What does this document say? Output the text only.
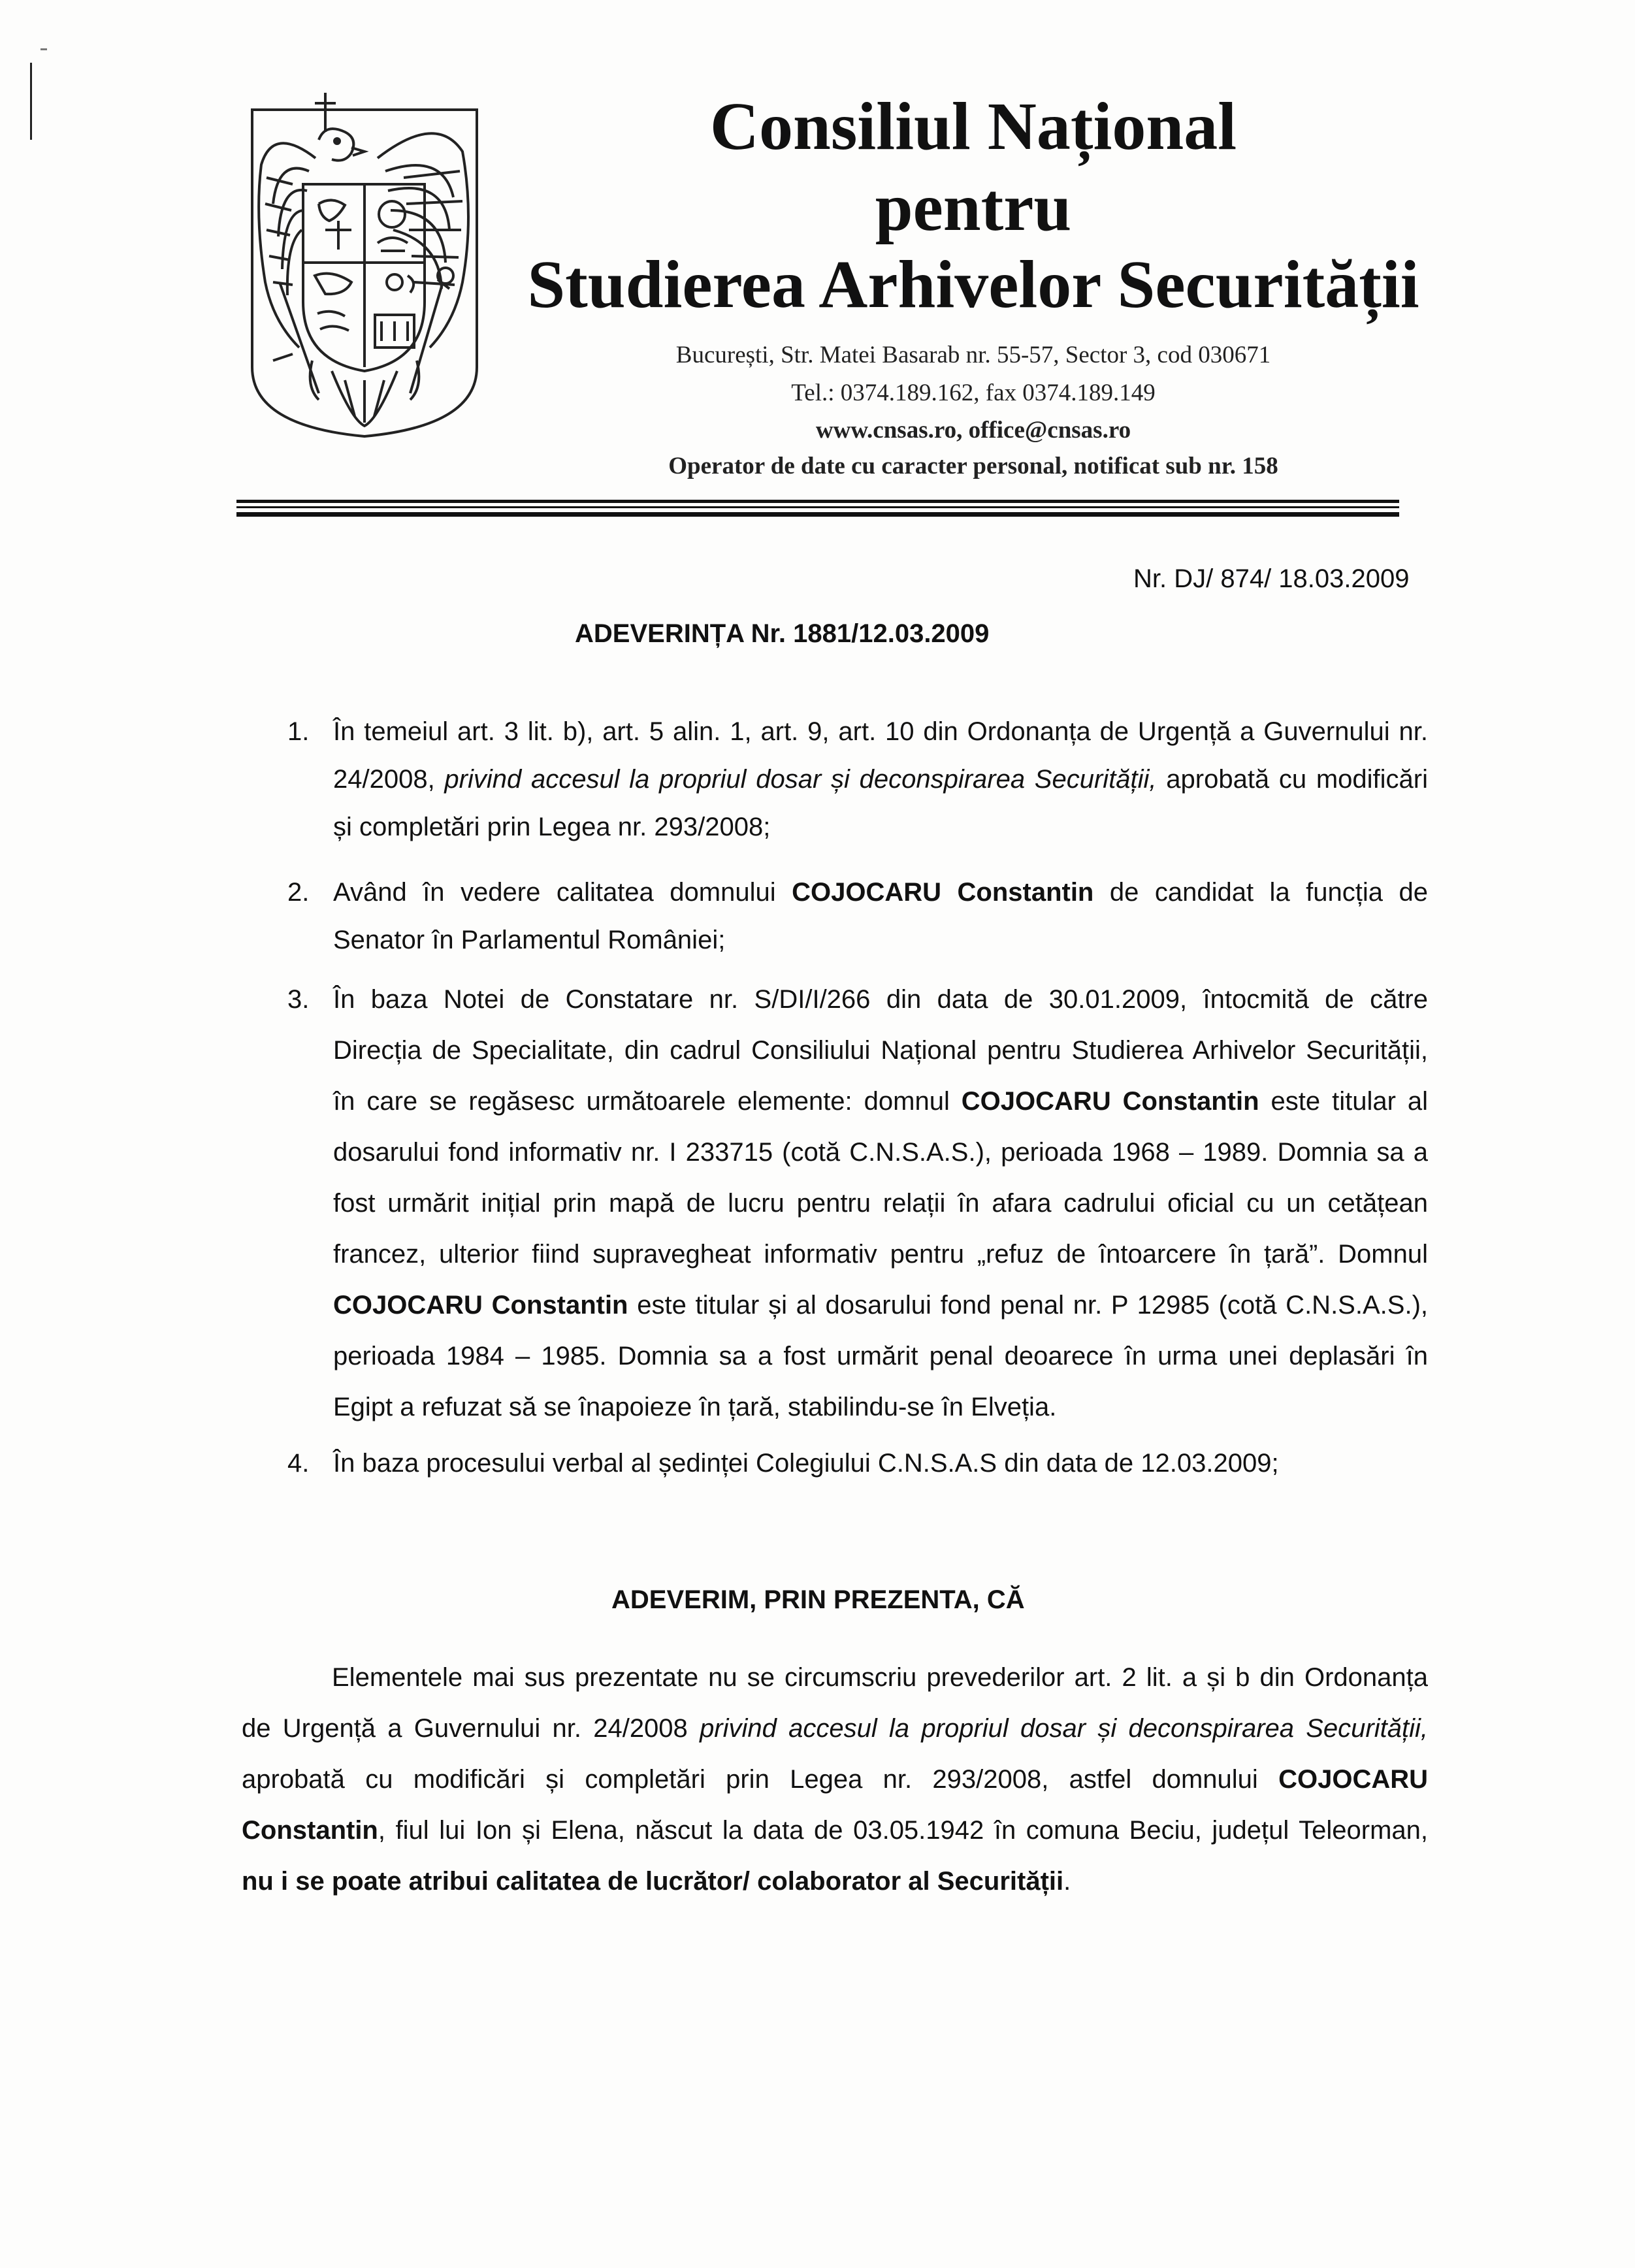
Consiliul Național
pentru
Studierea Arhivelor Securității
București, Str. Matei Basarab nr. 55-57, Sector 3, cod 030671
Tel.: 0374.189.162, fax 0374.189.149
www.cnsas.ro, office@cnsas.ro
Operator de date cu caracter personal, notificat sub nr. 158
Nr. DJ/ 874/ 18.03.2009
ADEVERINȚA Nr. 1881/12.03.2009
1. În temeiul art. 3 lit. b), art. 5 alin. 1, art. 9, art. 10 din Ordonanța de Urgență a Guvernului nr.
24/2008, privind accesul la propriul dosar și deconspirarea Securității, aprobată cu modificări
și completări prin Legea nr. 293/2008;
2. Având în vedere calitatea domnului COJOCARU Constantin de candidat la funcția de
Senator în Parlamentul României;
3. În baza Notei de Constatare nr. S/DI/I/266 din data de 30.01.2009, întocmită de către
Direcția de Specialitate, din cadrul Consiliului Național pentru Studierea Arhivelor Securității,
în care se regăsesc următoarele elemente: domnul COJOCARU Constantin este titular al
dosarului fond informativ nr. I 233715 (cotă C.N.S.A.S.), perioada 1968 – 1989. Domnia sa a
fost urmărit inițial prin mapă de lucru pentru relații în afara cadrului oficial cu un cetățean
francez, ulterior fiind supravegheat informativ pentru „refuz de întoarcere în țară”. Domnul
COJOCARU Constantin este titular și al dosarului fond penal nr. P 12985 (cotă C.N.S.A.S.),
perioada 1984 – 1985. Domnia sa a fost urmărit penal deoarece în urma unei deplasări în
Egipt a refuzat să se înapoieze în țară, stabilindu-se în Elveția.
4. În baza procesului verbal al ședinței Colegiului C.N.S.A.S din data de 12.03.2009;
ADEVERIM, PRIN PREZENTA, CĂ
Elementele mai sus prezentate nu se circumscriu prevederilor art. 2 lit. a și b din Ordonanța
de Urgență a Guvernului nr. 24/2008 privind accesul la propriul dosar și deconspirarea Securității,
aprobată cu modificări și completări prin Legea nr. 293/2008, astfel domnului COJOCARU
Constantin, fiul lui Ion și Elena, născut la data de 03.05.1942 în comuna Beciu, județul Teleorman,
nu i se poate atribui calitatea de lucrător/ colaborator al Securității.
